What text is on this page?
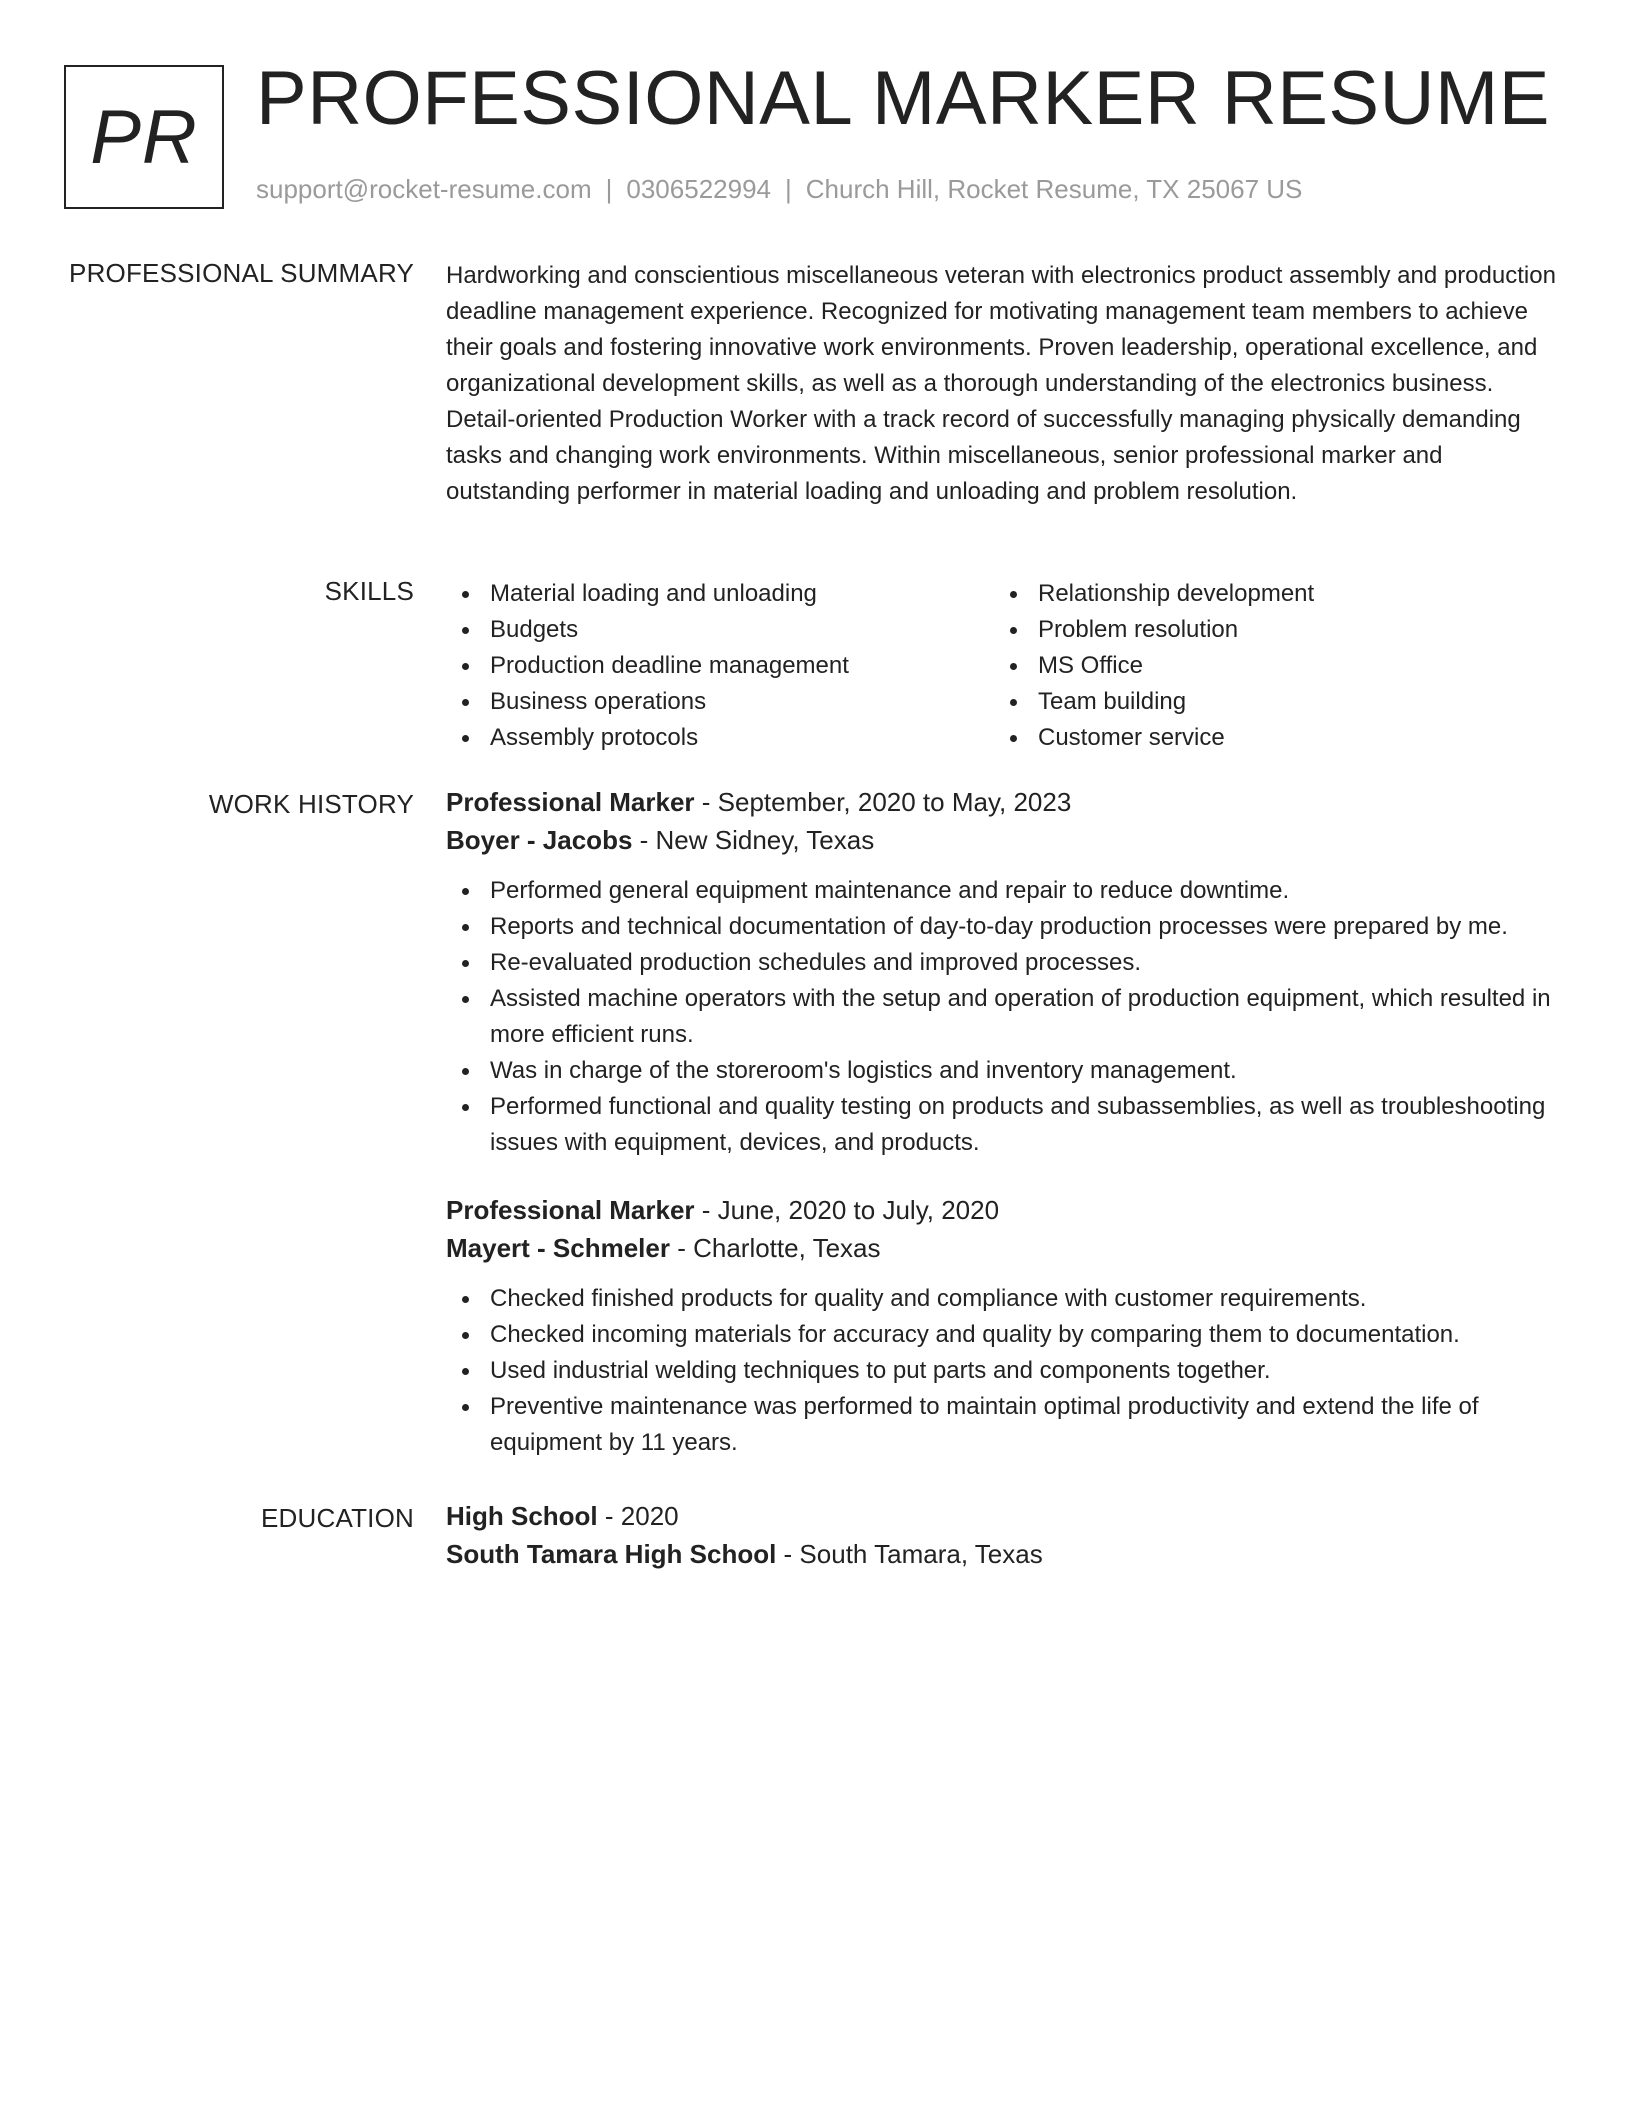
PR PROFESSIONAL MARKER RESUME
support@rocket-resume.com | 0306522994 | Church Hill, Rocket Resume, TX 25067 US
PROFESSIONAL SUMMARY Hardworking and conscientious miscellaneous veteran with electronics product assembly and production deadline management experience. Recognized for motivating management team members to achieve their goals and fostering innovative work environments. Proven leadership, operational excellence, and organizational development skills, as well as a thorough understanding of the electronics business. Detail-oriented Production Worker with a track record of successfully managing physically demanding tasks and changing work environments. Within miscellaneous, senior professional marker and outstanding performer in material loading and unloading and problem resolution.
SKILLS	Material loading and unloading
Budgets
Production deadline management
Business operations
Assembly protocols
Relationship development
Problem resolution
MS Office
Team building
Customer service
WORK HISTORY Professional Marker - September, 2020 to May, 2023
Boyer - Jacobs - New Sidney, Texas
Performed general equipment maintenance and repair to reduce downtime.
Reports and technical documentation of day-to-day production processes were prepared by me.
Re-evaluated production schedules and improved processes.
Assisted machine operators with the setup and operation of production equipment, which resulted in more efficient runs.
Was in charge of the storeroom's logistics and inventory management.
Performed functional and quality testing on products and subassemblies, as well as troubleshooting issues with equipment, devices, and products.
Professional Marker - June, 2020 to July, 2020
Mayert - Schmeler - Charlotte, Texas
Checked finished products for quality and compliance with customer requirements.
Checked incoming materials for accuracy and quality by comparing them to documentation.
Used industrial welding techniques to put parts and components together.
Preventive maintenance was performed to maintain optimal productivity and extend the life of equipment by 11 years.
EDUCATION High School - 2020
South Tamara High School - South Tamara, Texas
